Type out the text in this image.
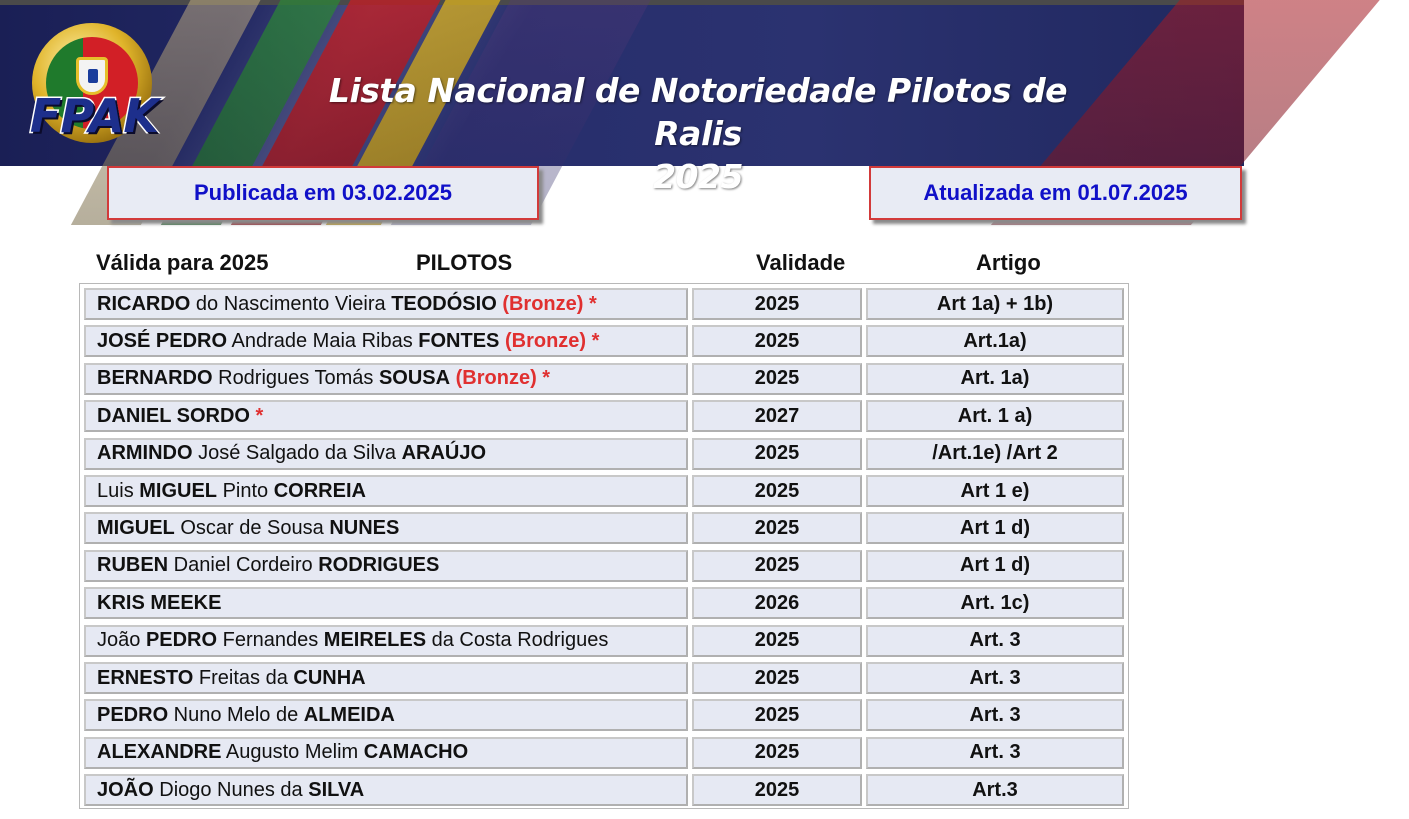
FPAK	Lista Nacional de Notoriedade Pilotos de Ralis
2025
Publicada em 03.02.2025	Atualizada em 01.07.2025
Válida para 2025	PILOTOS	Validade	Artigo
RICARDO do Nascimento Vieira TEODÓSIO (Bronze) *	2025	Art 1a) + 1b)
JOSÉ PEDRO Andrade Maia Ribas FONTES (Bronze) *	2025	Art.1a)
BERNARDO Rodrigues Tomás SOUSA (Bronze) *	2025	Art. 1a)
DANIEL SORDO *	2027	Art. 1 a)
ARMINDO José Salgado da Silva ARAÚJO	2025	/Art.1e) /Art 2
Luis MIGUEL Pinto CORREIA	2025	Art 1 e)
MIGUEL Oscar de Sousa NUNES	2025	Art 1 d)
RUBEN Daniel Cordeiro RODRIGUES	2025	Art 1 d)
KRIS MEEKE	2026	Art. 1c)
João PEDRO Fernandes MEIRELES da Costa Rodrigues	2025	Art. 3
ERNESTO Freitas da CUNHA	2025	Art. 3
PEDRO Nuno Melo de ALMEIDA	2025	Art. 3
ALEXANDRE Augusto Melim CAMACHO	2025	Art. 3
JOÃO Diogo Nunes da SILVA	2025	Art.3
